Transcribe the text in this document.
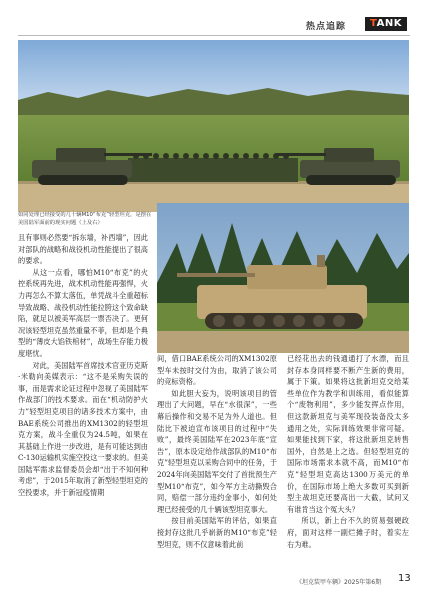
热点追踪	TANK
如同处理已经接受的几十辆M10“布克”轻型坦克，是摆在美国陆军面前的现实问题（上及右）

且有事则必然要“拆东墙，补西墙”，因此对部队的战略和战役机动性能提出了很高的要求。

从这一点看，哪怕M10“布克”的火控系统再先进，战术机动性能再强悍，火力再怎么不算太落伍，单凭战斗全重超标导致战略、战役机动性能拉胯这个致命缺陷，就足以被美军高层一票否决了。更何况该轻型坦克虽然重量不菲，但却是个典型的“薄皮大馅铁棺材”，战场生存能力极度堪忧。

对此，美国陆军首席技术官亚历克斯·米勒向美媒表示：“这不是采购失误的事，而是需求论证过程中忽视了美国陆军作战部门的技术要求。而在“机动防护火力”轻型坦克项目的诸多技术方案中，由BAE系统公司推出的XM1302的轻型坦克方案，战斗全重仅为24.5吨，如果在其基础上作进一步改进，是有可能达到由C-130运输机实施空投这一要求的。但美国陆军需求监督委员会却“出于不知何种考虑”，于2015年取消了新型轻型坦克的空投要求，并于新冠疫情期

间，借口BAE系统公司的XM1302原型车未按时交付为由，取消了该公司的竞标资格。

如此胆大妄为，说明该项目的管理出了大问题，早在“水很深”，一些幕后操作和交易不足为外人道也。但陆比下被迫宣布该项目的过程中“失败”，最终美国陆军在2023年底“宣告”，原本设定给作战部队的M10“布克”轻型坦克以采购合同中的任务，于2024年向美国陆军交付了首批预生产型M10“布克”，如今军方主动撕毁合同，赔偿一部分违约金事小，如何处理已经接受的几十辆该型坦克事大。

按目前美国陆军的评估，如果直接封存这批几乎崭新的M10“布克”轻型坦克，则不仅意味着此前

已经花出去的钱通通打了水漂，而且封存本身同样要不断产生新的费用，属于下策。如果将这批新坦克交给某些单位作为教学和训练用，看似能算个“废物利用”，多少能发挥点作用，但这款新坦克与美军现役装备没太多通用之处，实际训练效果非常可疑。如果能找到下家，将这批新坦克转售国外，自然是上之选。但轻型坦克的国际市场需求本就不高，而M10“布克”轻型坦克高达1300万美元的单价，在国际市场上绝大多数可买到新型主战坦克还要高出一大截，试问又有谁肯当这个冤大头？

所以，新上台不久的贸易强硬政府，面对这样一副烂摊子时，着实左右为难。

《坦克装甲车辆》2025年第6期 13
